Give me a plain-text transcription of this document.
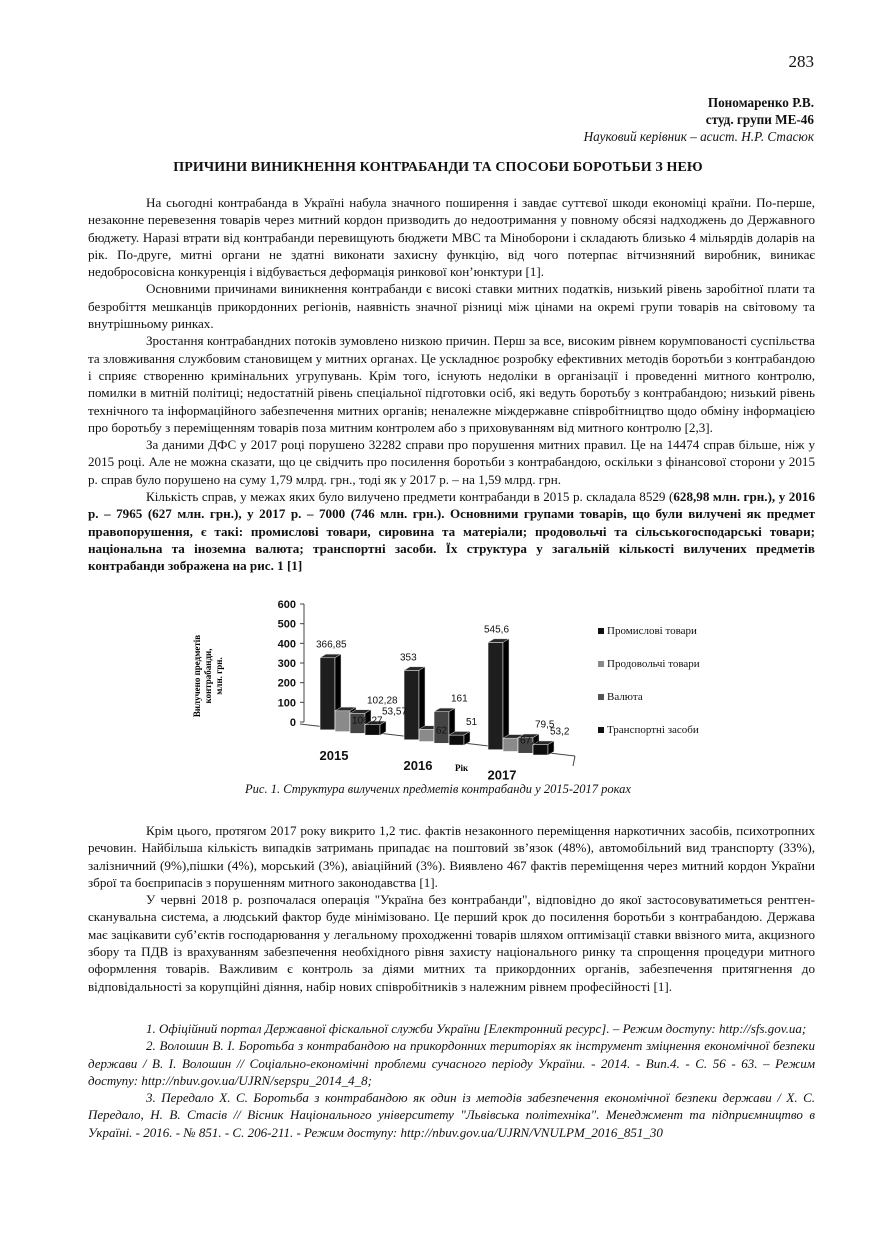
283
Пономаренко Р.В.
студ. групи МЕ-46
Науковий керівник – асист. Н.Р. Стасюк
ПРИЧИНИ ВИНИКНЕННЯ КОНТРАБАНДИ ТА СПОСОБИ БОРОТЬБИ З НЕЮ

На сьогодні контрабанда в Україні набула значного поширення і завдає суттєвої шкоди економіці країни. По-перше, незаконне перевезення товарів через митний кордон призводить до недоотримання у повному обсязі надходжень до Державного бюджету. Наразі втрати від контрабанди перевищують бюджети МВС та Міноборони і складають близько 4 мільярдів доларів на рік. По-друге, митні органи не здатні виконати захисну функцію, від чого потерпає вітчизняний виробник, виникає недобросовісна конкуренція і відбувається деформація ринкової кон’юнктури [1].

Основними причинами виникнення контрабанди є високі ставки митних податків, низький рівень заробітної плати та безробіття мешканців прикордонних регіонів, наявність значної різниці між цінами на окремі групи товарів на світовому та внутрішньому ринках.

Зростання контрабандних потоків зумовлено низкою причин. Перш за все, високим рівнем корумпованості суспільства та зловживання службовим становищем у митних органах. Це ускладнює розробку ефективних методів боротьби з контрабандою і сприяє створенню кримінальних угрупувань. Крім того, існують недоліки в організації і проведенні митного контролю, помилки в митній політиці; недостатній рівень спеціальної підготовки осіб, які ведуть боротьбу з контрабандою; низький рівень технічного та інформаційного забезпечення митних органів; неналежне міждержавне співробітництво щодо обміну інформацією про боротьбу з переміщенням товарів поза митним контролем або з приховуванням від митного контролю [2,3].

За даними ДФС у 2017 році порушено 32282 справи про порушення митних правил. Це на 14474 справ більше, ніж у 2015 році. Але не можна сказати, що це свідчить про посилення боротьби з контрабандою, оскільки з фінансової сторони у 2015 р. справ було порушено на суму 1,79 млрд. грн., тоді як у 2017 р. – на 1,59 млрд. грн.

Кількість справ, у межах яких було вилучено предмети контрабанди в 2015 р. складала 8529 (628,98 млн. грн.), у 2016 р. – 7965 (627 млн. грн.), у 2017 р. – 7000 (746 млн. грн.). Основними групами товарів, що були вилучені як предмет правопорушення, є такі: промислові товари, сировина та матеріали; продовольчі та сільськогосподарські товари; національна та іноземна валюта; транспортні засоби. Їх структура у загальній кількості вилучених предметів контрабанди зображена на рис. 1 [1]

0
100
200
300
400
500
600
2015
2016
2017
366,85
106,27
102,28
53,57
353
62
161
51
545,6
67,8
79,5
53,2
Промислові товари
Продовольчі товари
Валюта
Транспортні засоби
Вилучено предметівконтрабанди,млн. грн.
Рік
Рис. 1. Структура вилучених предметів контрабанди у 2015-2017 роках

Крім цього, протягом 2017 року викрито 1,2 тис. фактів незаконного переміщення наркотичних засобів, психотропних речовин. Найбільша кількість випадків затримань припадає на поштовий зв’язок (48%), автомобільний вид транспорту (33%), залізничний (9%),пішки (4%), морський (3%), авіаційний (3%). Виявлено 467 фактів переміщення через митний кордон України зброї та боєприпасів з порушенням митного законодавства [1].

У червні 2018 р. розпочалася операція "Україна без контрабанди", відповідно до якої застосовуватиметься рентген-сканувальна система, а людський фактор буде мінімізовано. Це перший крок до посилення боротьби з контрабандою. Держава має зацікавити суб’єктів господарювання у легальному проходженні товарів шляхом оптимізації ставки ввізного мита, акцизного збору та ПДВ із врахуванням забезпечення необхідного рівня захисту національного ринку та спрощення процедури митного оформлення товарів. Важливим є контроль за діями митних та прикордонних органів, забезпечення притягнення до відповідальності за корупційні діяння, набір нових співробітників з належним рівнем професійності [1].

1. Офіційний портал Державної фіскальної служби України [Електронний ресурс]. – Режим доступу: http://sfs.gov.ua;

2. Волошин В. І. Боротьба з контрабандою на прикордонних територіях як інструмент зміцнення економічної безпеки держави / В. І. Волошин // Соціально-економічні проблеми сучасного періоду України. - 2014. - Вип.4. - С. 56 - 63. – Режим доступу: http://nbuv.gov.ua/UJRN/sepspu_2014_4_8;

3. Передало Х. С. Боротьба з контрабандою як один із методів забезпечення економічної безпеки держави / Х. С. Передало, Н. В. Стасів // Вісник Національного університету "Львівська політехніка". Менеджмент та підприємництво в Україні. - 2016. - № 851. - С. 206-211. - Режим доступу: http://nbuv.gov.ua/UJRN/VNULPM_2016_851_30
